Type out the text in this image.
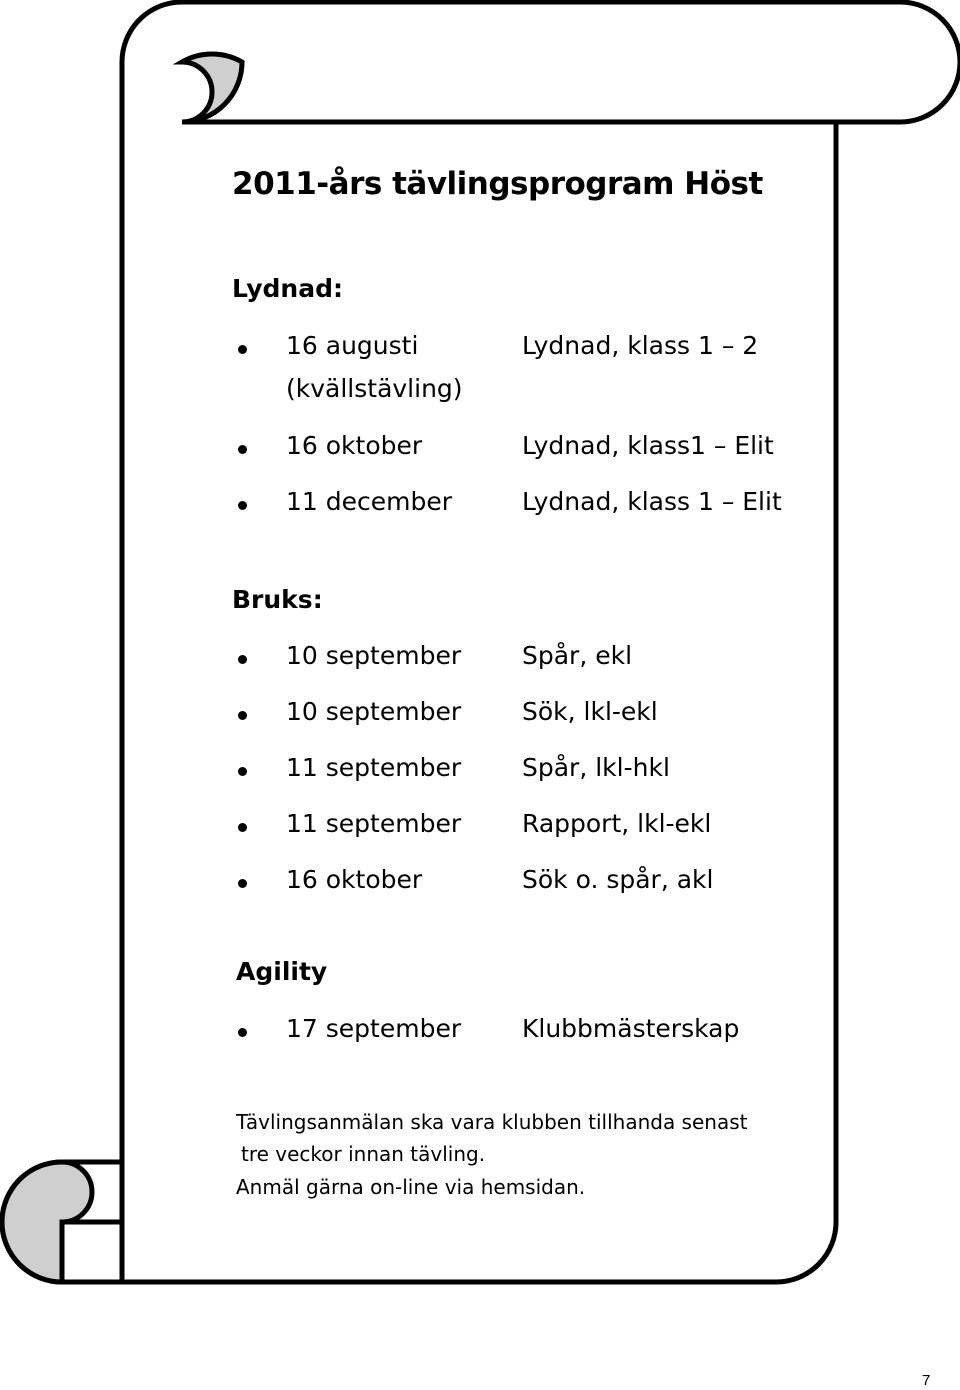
2011-års tävlingsprogram Höst
Lydnad:
16 augusti	Lydnad, klass 1 – 2
(kvällstävling)
16 oktober	Lydnad, klass1 – Elit
11 december	Lydnad, klass 1 – Elit
Bruks:
10 september Spår, ekl
10 september Sök, lkl-ekl
11 september Spår, lkl-hkl
11 september Rapport, lkl-ekl
16 oktober	Sök o. spår, akl
Agility
17 september Klubbmästerskap
Tävlingsanmälan ska vara klubben tillhanda senast
tre veckor innan tävling.
Anmäl gärna on-line via hemsidan.
7
